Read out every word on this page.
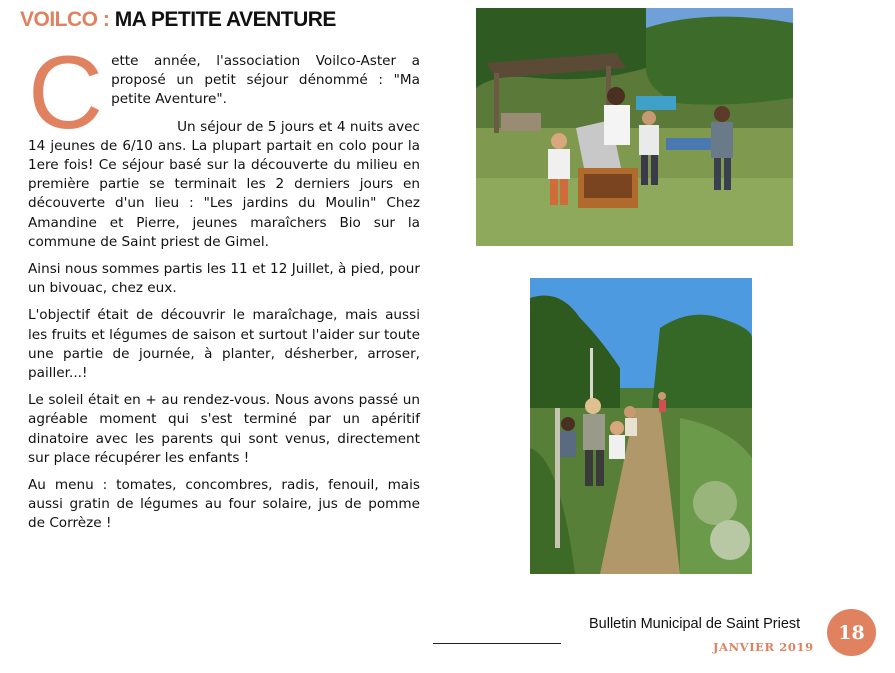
VOILCO : MA PETITE AVENTURE
C ette année, l'association Voilco-Aster a proposé un petit séjour dénommé : "Ma petite Aventure".

Un séjour de 5 jours et 4 nuits avec 14 jeunes de 6/10 ans. La plupart partait en colo pour la 1ere fois! Ce séjour basé sur la découverte du milieu en première partie se terminait les 2 derniers jours en découverte d'un lieu : "Les jardins du Moulin" Chez Amandine et Pierre, jeunes maraîchers Bio sur la commune de Saint priest de Gimel.

Ainsi nous sommes partis les 11 et 12 Juillet, à pied, pour un bivouac, chez eux.

L'objectif était de découvrir le maraîchage, mais aussi les fruits et légumes de saison et surtout l'aider sur toute une partie de journée, à planter, désherber, arroser, pailler...!

Le soleil était en + au rendez-vous. Nous avons passé un agréable moment qui s'est terminé par un apéritif dinatoire avec les parents qui sont venus, directement sur place récupérer les enfants !

Au menu : tomates, concombres, radis, fenouil, mais aussi gratin de légumes au four solaire, jus de pomme de Corrèze !

Bulletin Municipal de Saint Priest
JANVIER 2019
18
